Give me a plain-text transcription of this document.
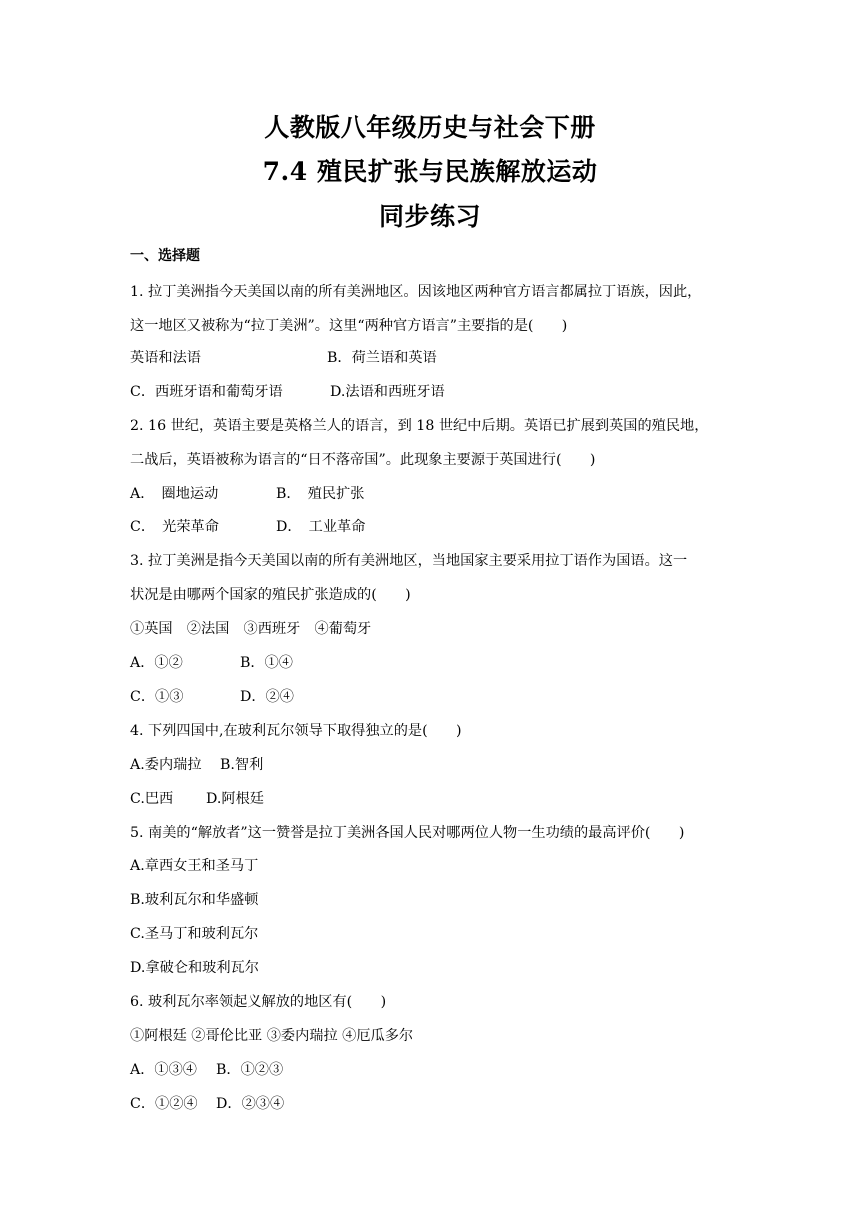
人教版八年级历史与社会下册
7.4 殖民扩张与民族解放运动
同步练习
一、选择题
1. 拉丁美洲指今天美国以南的所有美洲地区。因该地区两种官方语言都属拉丁语族，因此，
这一地区又被称为“拉丁美洲”。这里“两种官方语言”主要指的是(　　)
英语和法语	B．荷兰语和英语
C．西班牙语和葡萄牙语	D.法语和西班牙语
2. 16 世纪，英语主要是英格兰人的语言，到 18 世纪中后期。英语已扩展到英国的殖民地，
二战后，英语被称为语言的“日不落帝国”。此现象主要源于英国进行(　　)
A．　圈地运动	B．　殖民扩张
C．　光荣革命	D．　工业革命
3. 拉丁美洲是指今天美国以南的所有美洲地区，当地国家主要采用拉丁语作为国语。这一
状况是由哪两个国家的殖民扩张造成的(　　)
①英国　②法国　③西班牙　④葡萄牙
A．①②	B．①④
C．①③	D．②④
4. 下列四国中,在玻利瓦尔领导下取得独立的是(　　)
A.委内瑞拉 B.智利
C.巴西 D.阿根廷
5. 南美的“解放者”这一赞誉是拉丁美洲各国人民对哪两位人物一生功绩的最高评价(　　)
A.章西女王和圣马丁
B.玻利瓦尔和华盛顿
C.圣马丁和玻利瓦尔
D.拿破仑和玻利瓦尔
6. 玻利瓦尔率领起义解放的地区有(　　)
①阿根廷 ②哥伦比亚 ③委内瑞拉 ④厄瓜多尔
A．①③④ B．①②③
C．①②④ D．②③④
